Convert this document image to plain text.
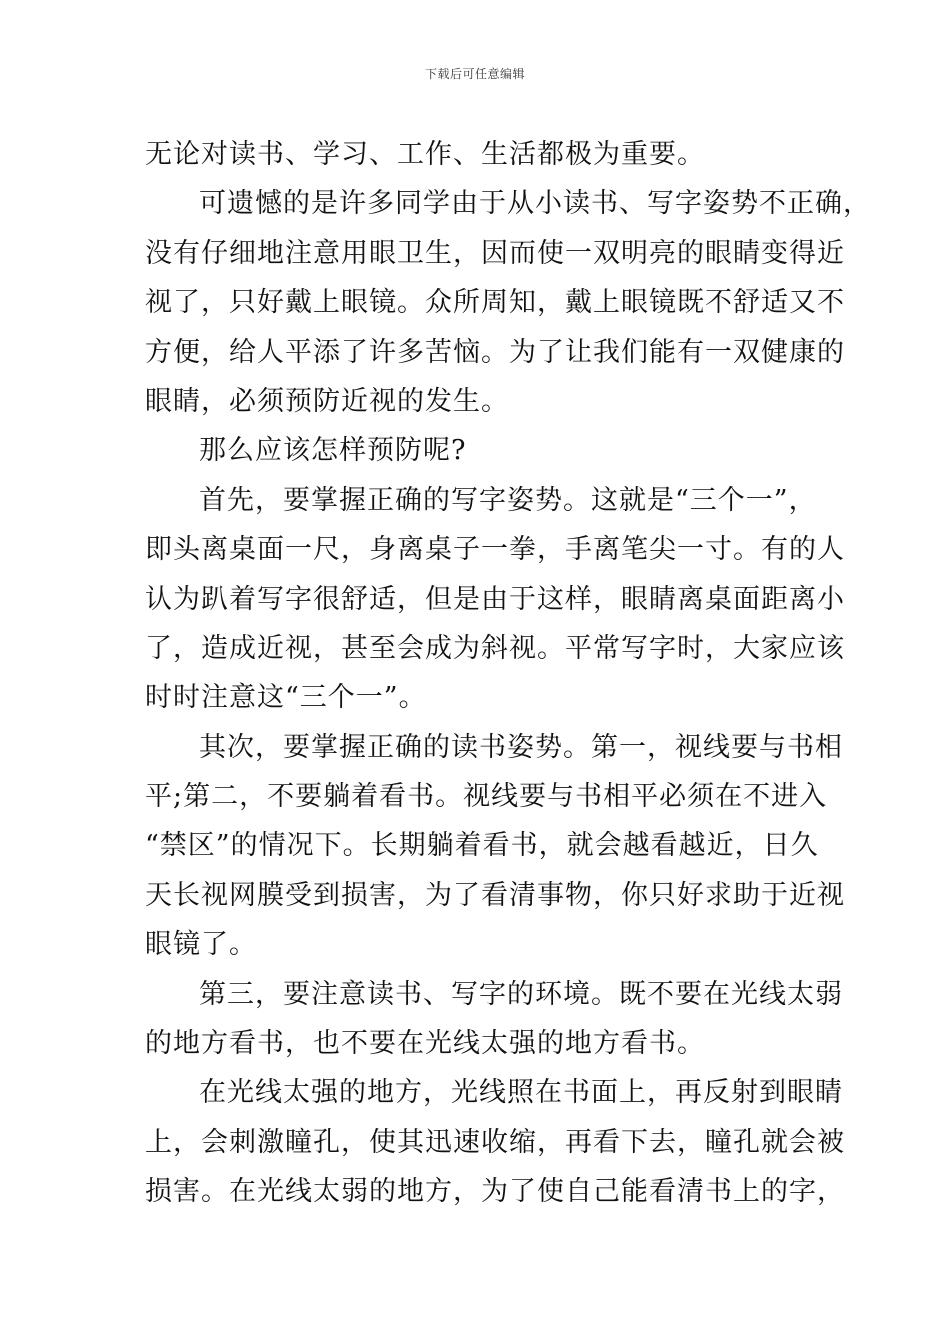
下载后可任意编辑
无论对读书、学习、工作、生活都极为重要。
可遗憾的是许多同学由于从小读书、写字姿势不正确，
没有仔细地注意用眼卫生，因而使一双明亮的眼睛变得近
视了，只好戴上眼镜。众所周知，戴上眼镜既不舒适又不
方便，给人平添了许多苦恼。为了让我们能有一双健康的
眼睛，必须预防近视的发生。
那么应该怎样预防呢?
首先，要掌握正确的写字姿势。这就是“三个一”，
即头离桌面一尺，身离桌子一拳，手离笔尖一寸。有的人
认为趴着写字很舒适，但是由于这样，眼睛离桌面距离小
了，造成近视，甚至会成为斜视。平常写字时，大家应该
时时注意这“三个一”。
其次，要掌握正确的读书姿势。第一，视线要与书相
平;第二，不要躺着看书。视线要与书相平必须在不进入
“禁区”的情况下。长期躺着看书，就会越看越近，日久
天长视网膜受到损害，为了看清事物，你只好求助于近视
眼镜了。
第三，要注意读书、写字的环境。既不要在光线太弱
的地方看书，也不要在光线太强的地方看书。
在光线太强的地方，光线照在书面上，再反射到眼睛
上，会刺激瞳孔，使其迅速收缩，再看下去，瞳孔就会被
损害。在光线太弱的地方，为了使自己能看清书上的字，
